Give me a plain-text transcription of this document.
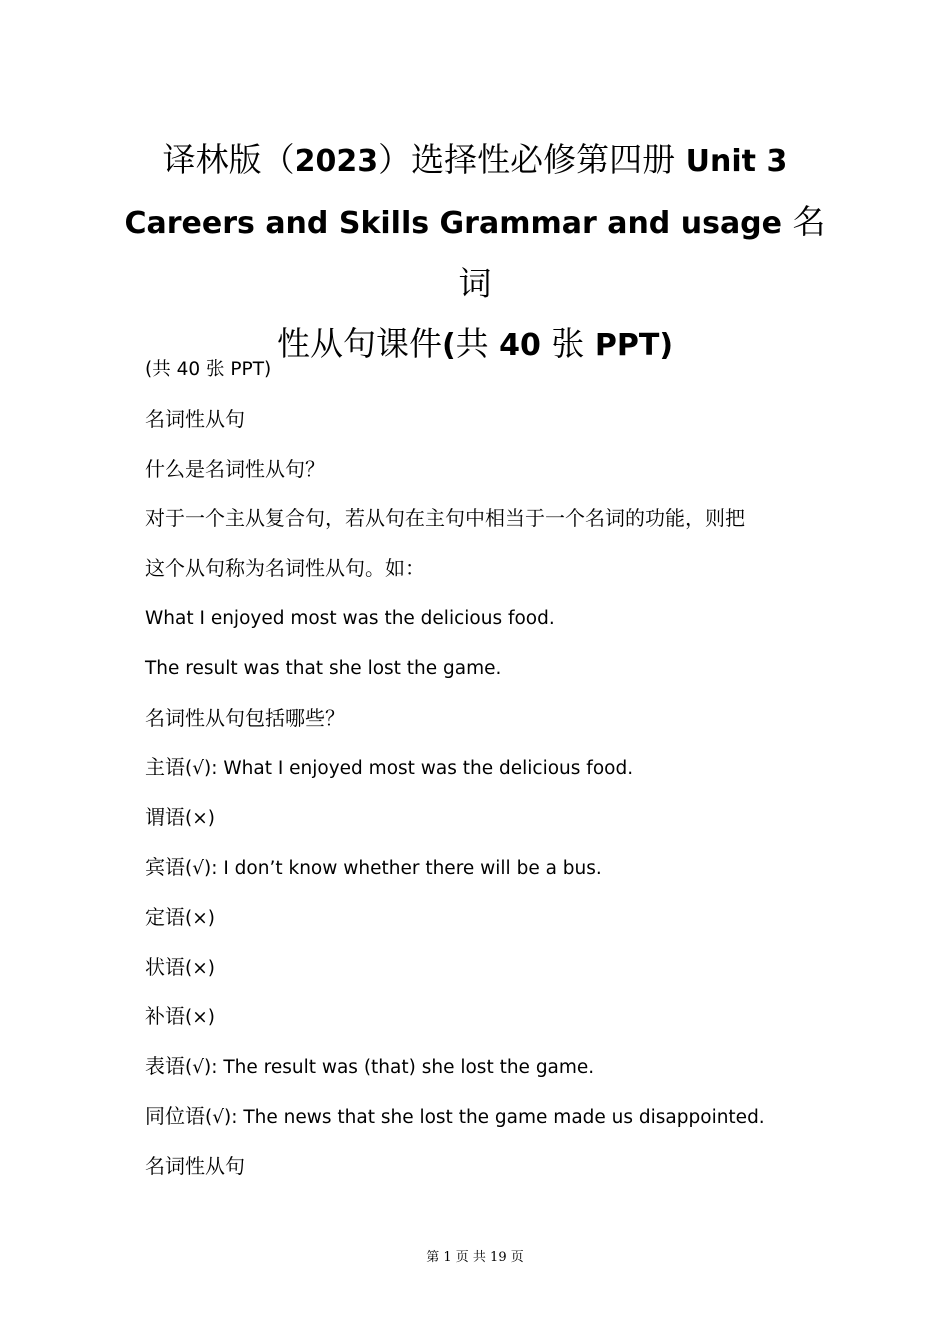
译林版（2023）选择性必修第四册 Unit 3
Careers and Skills Grammar and usage 名词
性从句课件(共 40 张 PPT)
(共 40 张 PPT)
名词性从句
什么是名词性从句？
对于一个主从复合句，若从句在主句中相当于一个名词的功能，则把
这个从句称为名词性从句。如：
What I enjoyed most was the delicious food.
The result was that she lost the game.
名词性从句包括哪些？
主语(√): What I enjoyed most was the delicious food.
谓语(×)
宾语(√): I don’t know whether there will be a bus.
定语(×)
状语(×)
补语(×)
表语(√): The result was (that) she lost the game.
同位语(√): The news that she lost the game made us disappointed.
名词性从句
第 1 页 共 19 页
